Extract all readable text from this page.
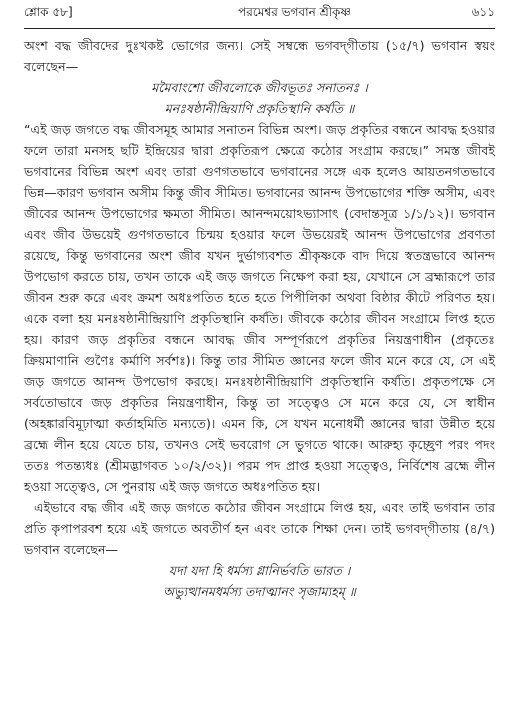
শ্লোক ৫৮]	পরমেশ্বর ভগবান শ্রীকৃষ্ণ	৬১১

অংশ বদ্ধ জীবদের দুঃখকষ্ট ভোগের জন্য। সেই সম্বন্ধে ভগবদ্‌গীতায় (১৫/৭) ভগবান স্বয়ং বলেছেন—

মমৈবাংশো জীবলোকে জীবভূতঃ সনাতনঃ ।

মনঃষষ্ঠানীন্দ্রিয়াণি প্রকৃতিস্থানি কর্ষতি ॥

“এই জড় জগতে বদ্ধ জীবসমূহ আমার সনাতন বিভিন্ন অংশ। জড় প্রকৃতির বন্ধনে আবদ্ধ হওয়ার ফলে তারা মনসহ ছটি ইন্দ্রিয়ের দ্বারা প্রকৃতিরূপ ক্ষেত্রে কঠোর সংগ্রাম করছে।” সমস্ত জীবই ভগবানের বিভিন্ন অংশ এবং তারা গুণগতভাবে ভগবানের সঙ্গে এক হলেও আয়তনগতভাবে ভিন্ন—কারণ ভগবান অসীম কিন্তু জীব সীমিত। ভগবানের আনন্দ উপভোগের শক্তি অসীম, এবং জীবের আনন্দ উপভোগের ক্ষমতা সীমিত। আনন্দময়োঽভ্যাসাৎ (বেদান্তসূত্র ১/১/১২)। ভগবান এবং জীব উভয়েই গুণগতভাবে চিন্ময় হওয়ার ফলে উভয়েরই আনন্দ উপভোগের প্রবণতা রয়েছে, কিন্তু ভগবানের অংশ জীব যখন দুর্ভাগ্যবশত শ্রীকৃষ্ণকে বাদ দিয়ে স্বতন্ত্রভাবে আনন্দ উপভোগ করতে চায়, তখন তাকে এই জড় জগতে নিক্ষেপ করা হয়, যেখানে সে ব্রহ্মারূপে তার জীবন শুরু করে এবং ক্রমশ অধঃপতিত হতে হতে পিপীলিকা অথবা বিষ্ঠার কীটে পরিণত হয়। একে বলা হয় মনঃষষ্ঠানীন্দ্রিয়াণি প্রকৃতিস্থানি কর্ষতি। জীবকে কঠোর জীবন সংগ্রামে লিপ্ত হতে হয়। কারণ জড় প্রকৃতির বন্ধনে আবদ্ধ জীব সম্পূর্ণরূপে প্রকৃতির নিয়ন্ত্রণাধীন (প্রকৃতেঃ ক্রিয়মাণানি গুণৈঃ কর্মাণি সর্বশঃ)। কিন্তু তার সীমিত জ্ঞানের ফলে জীব মনে করে যে, সে এই জড় জগতে আনন্দ উপভোগ করছে। মনঃষষ্ঠানীন্দ্রিয়াণি প্রকৃতিস্থানি কর্ষতি। প্রকৃতপক্ষে সে সর্বতোভাবে জড় প্রকৃতির নিয়ন্ত্রণাধীন, কিন্তু তা সত্ত্বেও সে মনে করে যে, সে স্বাধীন (অহঙ্কারবিমূঢ়াত্মা কর্তাহমিতি মন্যতে)। এমন কি, সে যখন মনোধর্মী জ্ঞানের দ্বারা উন্নীত হয়ে ব্রহ্মে লীন হয়ে যেতে চায়, তখনও সেই ভবরোগ সে ভুগতে থাকে। আরুহ্য কৃচ্ছ্রেণ পরং পদং ততঃ পতন্ত্যধঃ (শ্রীমদ্ভাগবত ১০/২/৩২)। পরম পদ প্রাপ্ত হওয়া সত্ত্বেও, নির্বিশেষ ব্রহ্মে লীন হওয়া সত্ত্বেও, সে পুনরায় এই জড় জগতে অধঃপতিত হয়।

এইভাবে বদ্ধ জীব এই জড় জগতে কঠোর জীবন সংগ্রামে লিপ্ত হয়, এবং তাই ভগবান তার প্রতি কৃপাপরবশ হয়ে এই জগতে অবতীর্ণ হন এবং তাকে শিক্ষা দেন। তাই ভগবদ্‌গীতায় (৪/৭) ভগবান বলেছেন—

যদা যদা হি ধর্মস্য গ্লানির্ভবতি ভারত ।

অভ্যুত্থানমধর্মস্য তদাত্মানং সৃজাম্যহম্ ॥
